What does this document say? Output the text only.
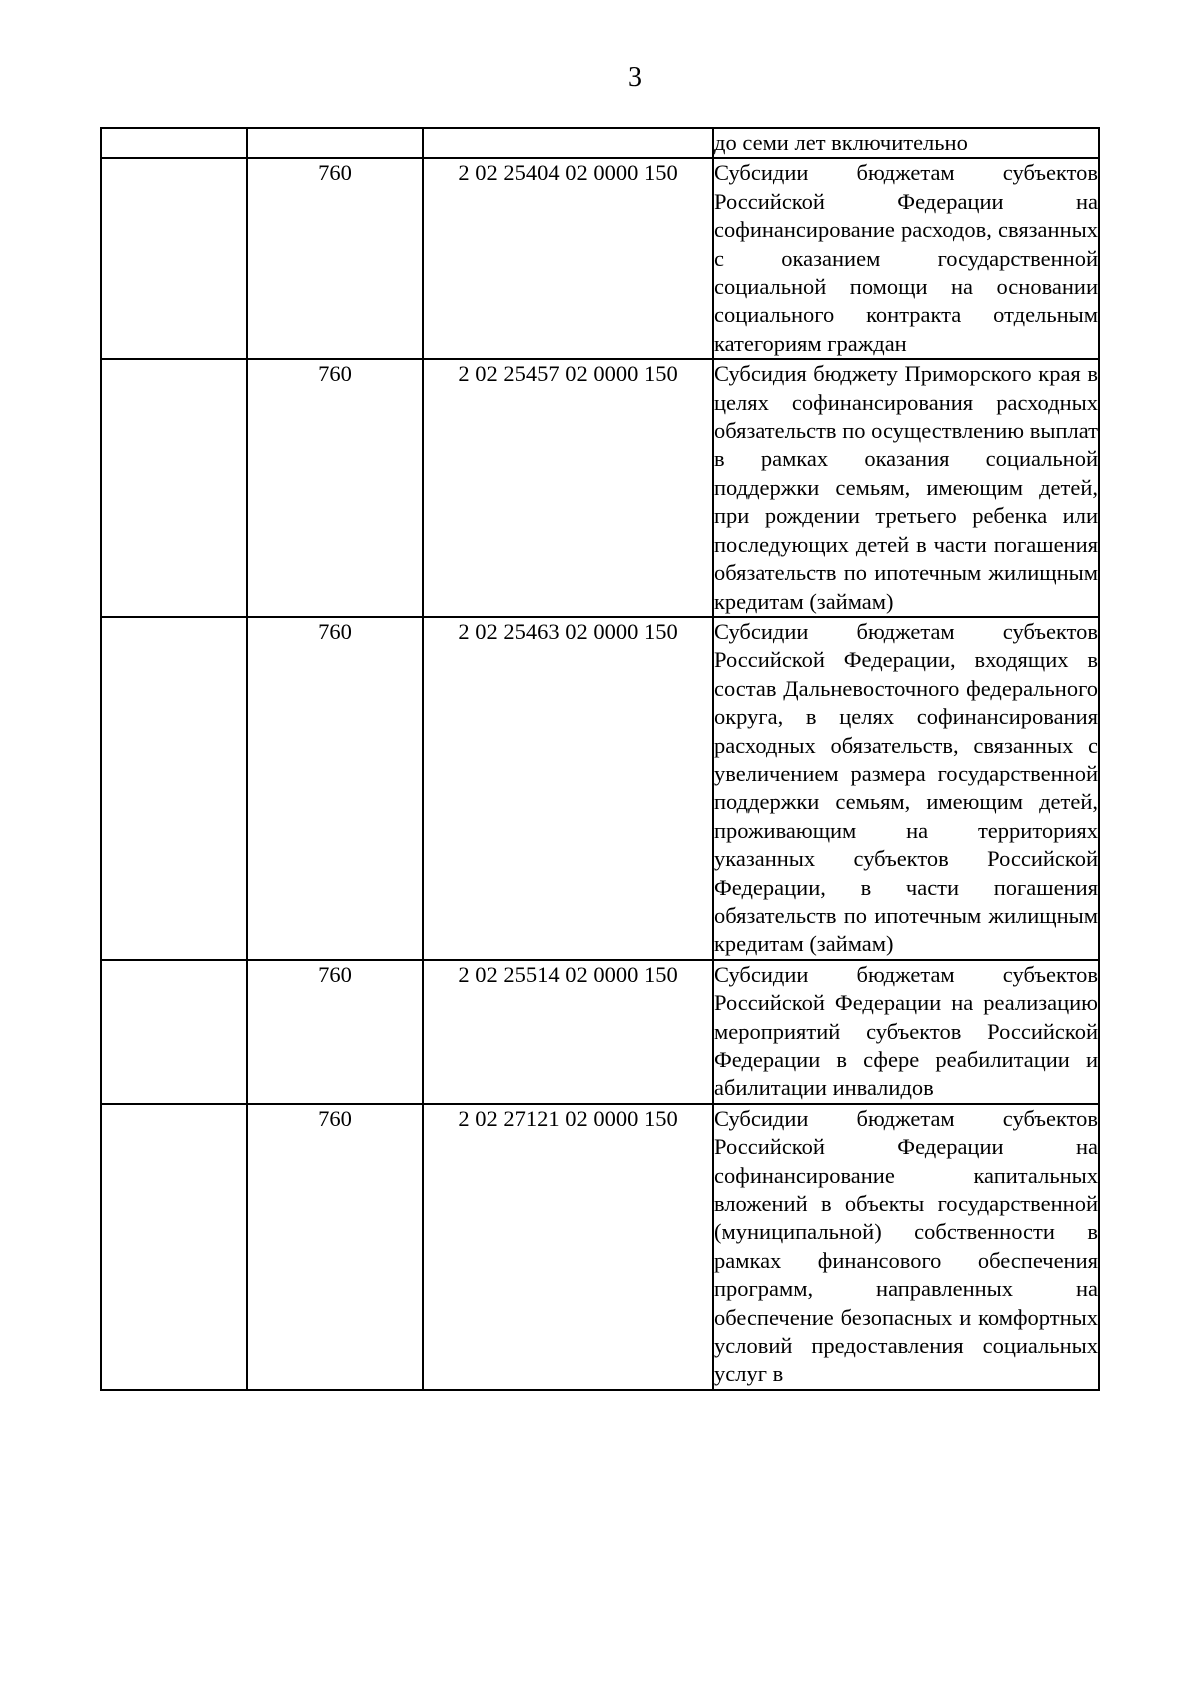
3

			до семи лет включительно

	760	2 02 25404 02 0000 150	Субсидии бюджетам субъектов Российской Федерации на софинансирование расходов, связанных с оказанием государственной социальной помощи на основании социального контракта отдельным категориям граждан

	760	2 02 25457 02 0000 150	Субсидия бюджету Приморского края в целях софинансирования расходных обязательств по осуществлению выплат в рамках оказания социальной поддержки семьям, имеющим детей, при рождении третьего ребенка или последующих детей в части погашения обязательств по ипотечным жилищным кредитам (займам)

	760	2 02 25463 02 0000 150	Субсидии бюджетам субъектов Российской Федерации, входящих в состав Дальневосточного федерального округа, в целях софинансирования расходных обязательств, связанных с увеличением размера государственной поддержки семьям, имеющим детей, проживающим на территориях указанных субъектов Российской Федерации, в части погашения обязательств по ипотечным жилищным кредитам (займам)

	760	2 02 25514 02 0000 150	Субсидии бюджетам субъектов Российской Федерации на реализацию мероприятий субъектов Российской Федерации в сфере реабилитации и абилитации инвалидов

	760	2 02 27121 02 0000 150	Субсидии бюджетам субъектов Российской Федерации на софинансирование капитальных вложений в объекты государственной (муниципальной) собственности в рамках финансового обеспечения программ, направленных на обеспечение безопасных и комфортных условий предоставления социальных услуг в
